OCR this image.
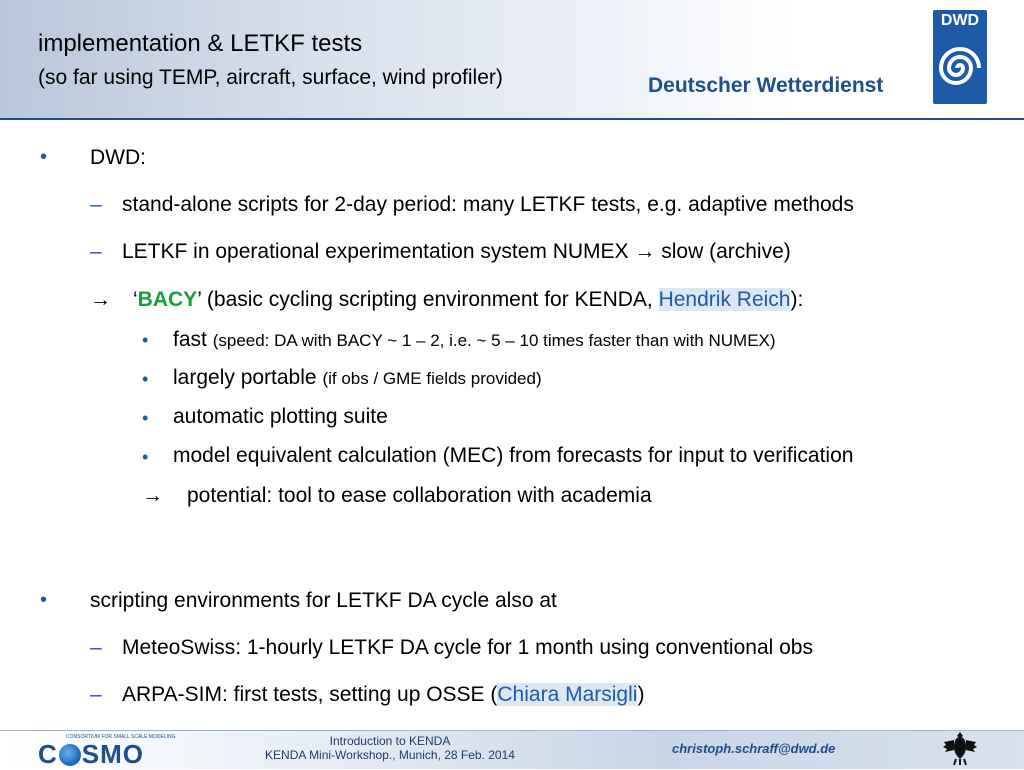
implementation & LETKF tests
(so far using TEMP, aircraft, surface, wind profiler)	Deutscher Wetterdienst
DWD
• DWD:
– stand-alone scripts for 2-day period: many LETKF tests, e.g. adaptive methods
– LETKF in operational experimentation system NUMEX → slow (archive)
→ ‘BACY’ (basic cycling scripting environment for KENDA, Hendrik Reich):
• fast (speed: DA with BACY ~ 1 – 2, i.e. ~ 5 – 10 times faster than with NUMEX)
• largely portable (if obs / GME fields provided)
• automatic plotting suite
• model equivalent calculation (MEC) from forecasts for input to verification
→ potential: tool to ease collaboration with academia
• scripting environments for LETKF DA cycle also at
– MeteoSwiss: 1-hourly LETKF DA cycle for 1 month using conventional obs
– ARPA-SIM: first tests, setting up OSSE (Chiara Marsigli)
CONSORTIUM FOR SMALL SCALE MODELING
C SMO	Introduction to KENDA
KENDA Mini-Workshop., Munich, 28 Feb. 2014	christoph.schraff@dwd.de
